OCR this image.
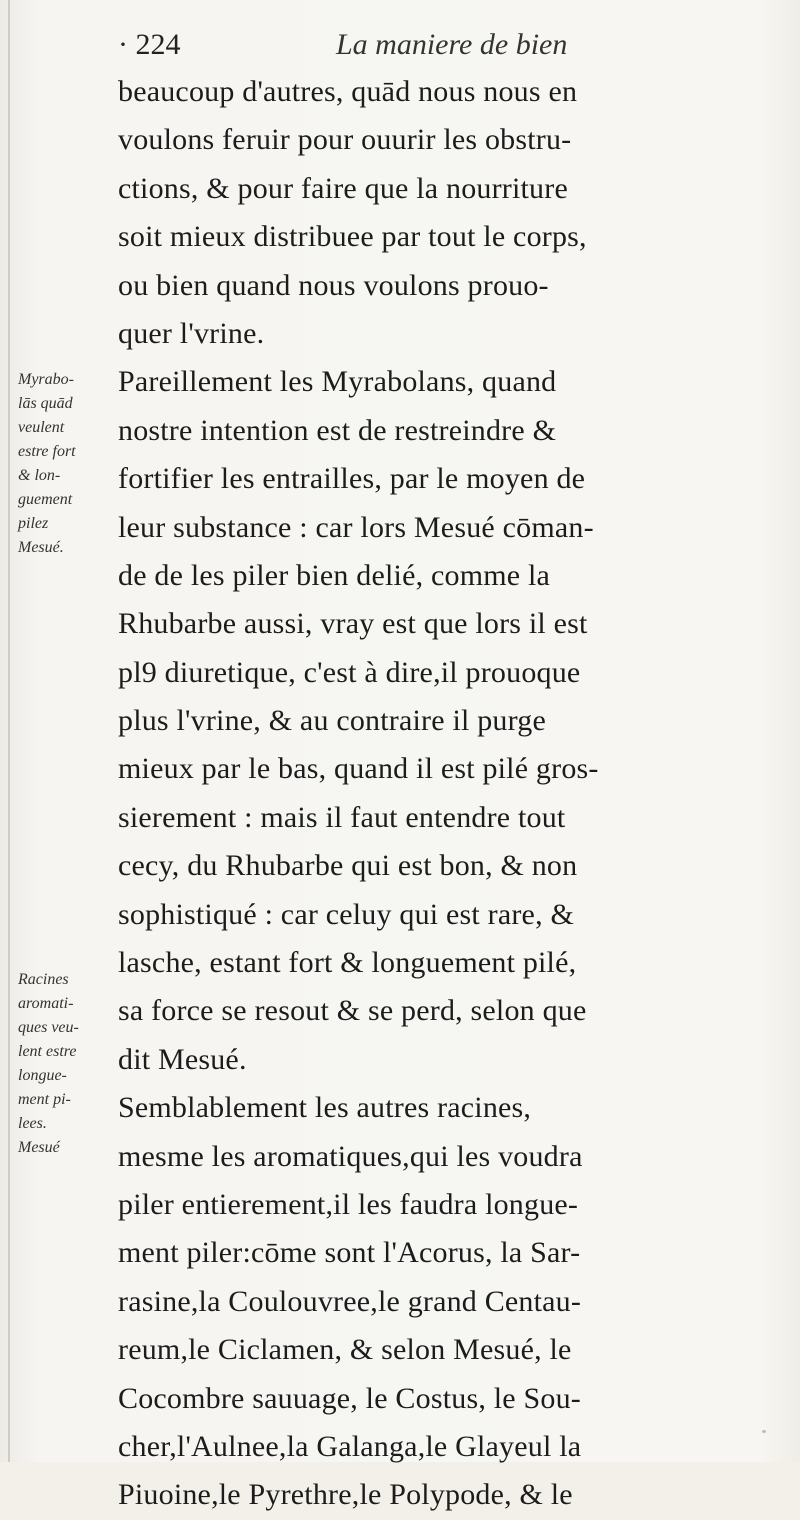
· 224	La maniere de bien
beaucoup d'autres, quād nous nous en
voulons feruir pour ouurir les obstru-
ctions, & pour faire que la nourriture
soit mieux distribuee par tout le corps,
ou bien quand nous voulons prouo-
quer l'vrine.
Pareillement les Myrabolans, quand
nostre intention est de restreindre &
fortifier les entrailles, par le moyen de
leur substance : car lors Mesué cōman-
de de les piler bien delié, comme la
Rhubarbe aussi, vray est que lors il est
pl9 diuretique, c'est à dire,il prouoque
plus l'vrine, & au contraire il purge
mieux par le bas, quand il est pilé gros-
sierement : mais il faut entendre tout
cecy, du Rhubarbe qui est bon, & non
sophistiqué : car celuy qui est rare, &
lasche, estant fort & longuement pilé,
sa force se resout & se perd, selon que
dit Mesué.
Semblablement les autres racines,
mesme les aromatiques,qui les voudra
piler entierement,il les faudra longue-
ment piler:cōme sont l'Acorus, la Sar-
rasine,la Coulouvree,le grand Centau-
reum,le Ciclamen, & selon Mesué, le
Cocombre sauuage, le Costus, le Sou-
cher,l'Aulnee,la Galanga,le Glayeul la
Piuoine,le Pyrethre,le Polypode, & le
Myrabo-
lās quād
veulent
estre fort
& lon-
guement
pilez
Mesué.
Racines
aromati-
ques veu-
lent estre
longue-
ment pi-
lees.
Mesué
